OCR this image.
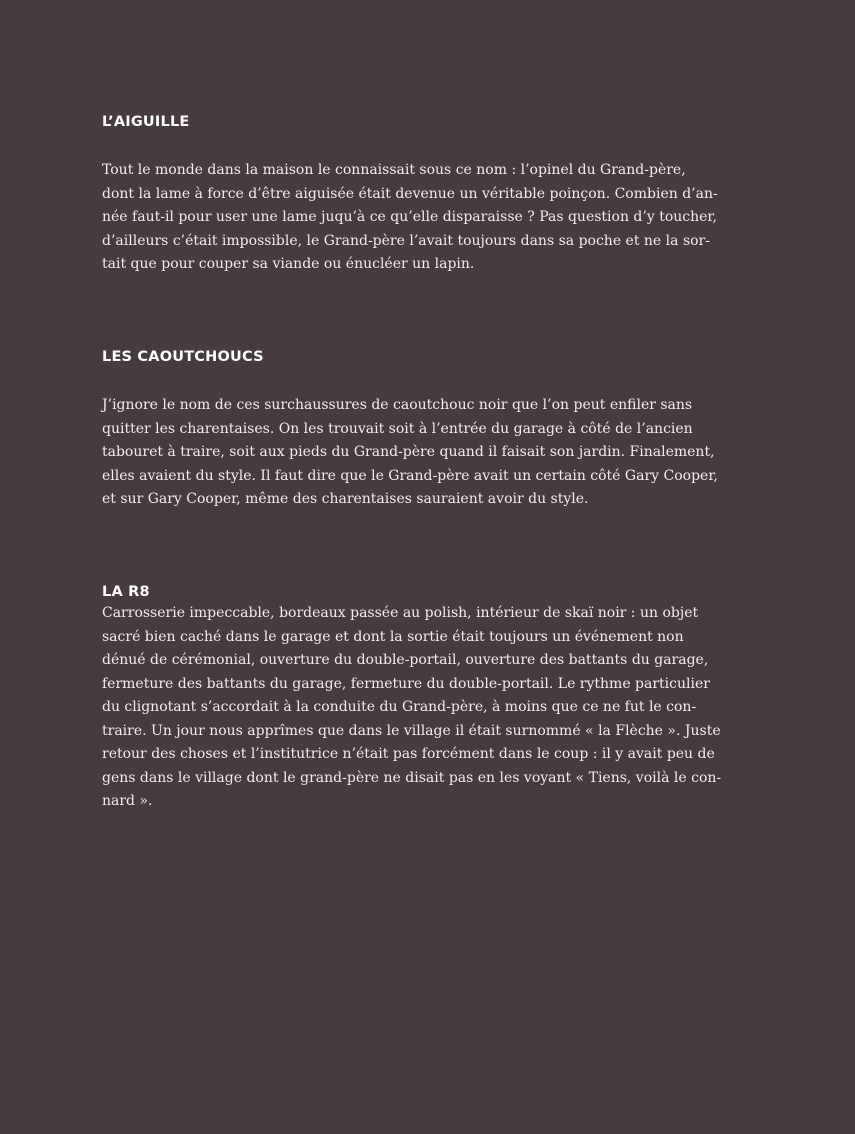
L’AIGUILLE

Tout le monde dans la maison le connaissait sous ce nom : l’opinel du Grand-père,
dont la lame à force d’être aiguisée était devenue un véritable poinçon. Combien d’an-
née faut-il pour user une lame juqu’à ce qu’elle disparaisse ? Pas question d’y toucher,
d’ailleurs c’était impossible, le Grand-père l’avait toujours dans sa poche et ne la sor-
tait que pour couper sa viande ou énucléer un lapin.

LES CAOUTCHOUCS

J’ignore le nom de ces surchaussures de caoutchouc noir que l’on peut enfiler sans
quitter les charentaises. On les trouvait soit à l’entrée du garage à côté de l’ancien
tabouret à traire, soit aux pieds du Grand-père quand il faisait son jardin. Finalement,
elles avaient du style. Il faut dire que le Grand-père avait un certain côté Gary Cooper,
et sur Gary Cooper, même des charentaises sauraient avoir du style.

LA R8

Carrosserie impeccable, bordeaux passée au polish, intérieur de skaï noir : un objet
sacré bien caché dans le garage et dont la sortie était toujours un événement non
dénué de cérémonial, ouverture du double-portail, ouverture des battants du garage,
fermeture des battants du garage, fermeture du double-portail. Le rythme particulier
du clignotant s’accordait à la conduite du Grand-père, à moins que ce ne fut le con-
traire. Un jour nous apprîmes que dans le village il était surnommé « la Flèche ». Juste
retour des choses et l’institutrice n’était pas forcément dans le coup : il y avait peu de
gens dans le village dont le grand-père ne disait pas en les voyant « Tiens, voilà le con-
nard ».
